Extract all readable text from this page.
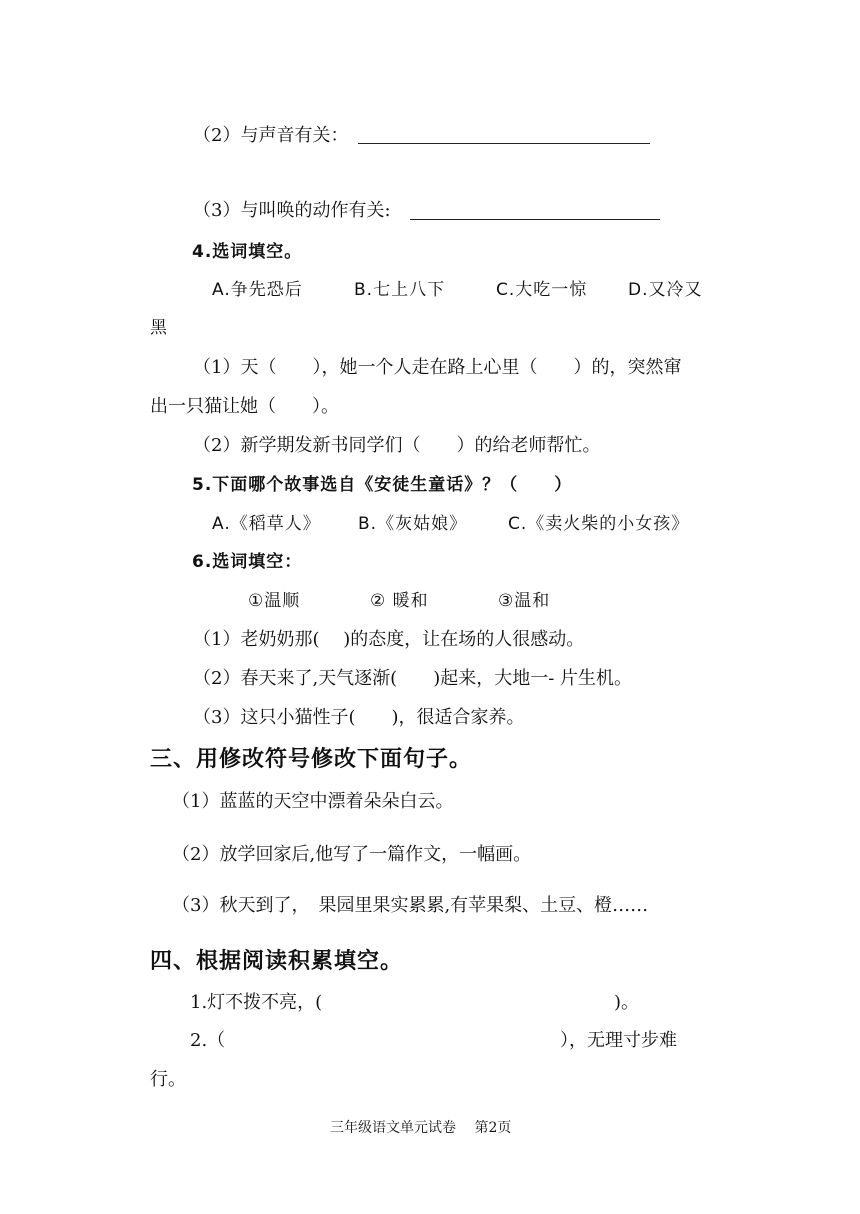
（2）与声音有关：
（3）与叫唤的动作有关:
4.选词填空。
A.争先恐后	B.七上八下	C.大吃一惊 D.又冷又
黑
（1）天（　　），她一个人走在路上心里（　　）的，突然窜
出一只猫让她（　　）。
（2）新学期发新书同学们（　　）的给老师帮忙。
5.下面哪个故事选自《安徒生童话》？（　　）
A.《稻草人》 B.《灰姑娘》 C.《卖火柴的小女孩》
6.选词填空：
①温顺	② 暖和	③温和
（1）老奶奶那(　 )的态度，让在场的人很感动。
（2）春天来了,天气逐渐(　　)起来，大地一- 片生机。
（3）这只小猫性子(　　)，很适合家养。
三、用修改符号修改下面句子。
（1）蓝蓝的天空中漂着朵朵白云。
（2）放学回家后,他写了一篇作文，一幅画。
（3）秋天到了，　果园里果实累累,有苹果梨、土豆、橙……
四、根据阅读积累填空。
1.灯不拨不亮，(	)。
2.（	），无理寸步难
行。
三年级语文单元试卷　 第2页
